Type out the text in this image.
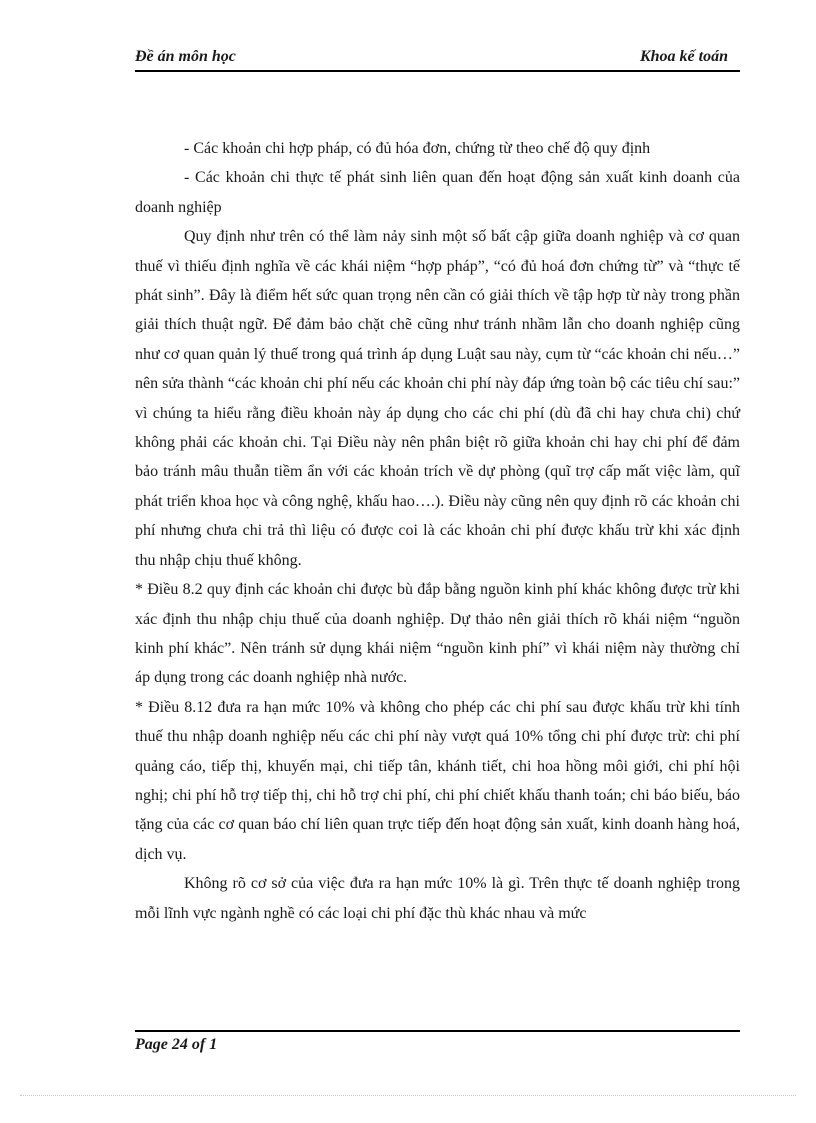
Đề án môn học	Khoa kế toán

- Các khoản chi hợp pháp, có đủ hóa đơn, chứng từ theo chế độ quy định

- Các khoản chi thực tế phát sinh liên quan đến hoạt động sản xuất kinh doanh của doanh nghiệp

Quy định như trên có thể làm nảy sinh một số bất cập giữa doanh nghiệp và cơ quan thuế vì thiếu định nghĩa về các khái niệm “hợp pháp”, “có đủ hoá đơn chứng từ” và “thực tế phát sinh”. Đây là điểm hết sức quan trọng nên cần có giải thích về tập hợp từ này trong phần giải thích thuật ngữ. Để đảm bảo chặt chẽ cũng như tránh nhầm lẫn cho doanh nghiệp cũng như cơ quan quản lý thuế trong quá trình áp dụng Luật sau này, cụm từ “các khoản chi nếu…” nên sửa thành “các khoản chi phí nếu các khoản chi phí này đáp ứng toàn bộ các tiêu chí sau:” vì chúng ta hiểu rằng điều khoản này áp dụng cho các chi phí (dù đã chi hay chưa chi) chứ không phải các khoản chi. Tại Điều này nên phân biệt rõ giữa khoản chi hay chi phí để đảm bảo tránh mâu thuẫn tiềm ẩn với các khoản trích về dự phòng (quĩ trợ cấp mất việc làm, quĩ phát triển khoa học và công nghệ, khấu hao….). Điều này cũng nên quy định rõ các khoản chi phí nhưng chưa chi trả thì liệu có được coi là các khoản chi phí được khấu trừ khi xác định thu nhập chịu thuế không.

* Điều 8.2 quy định các khoản chi được bù đắp bằng nguồn kinh phí khác không được trừ khi xác định thu nhập chịu thuế của doanh nghiệp. Dự thảo nên giải thích rõ khái niệm “nguồn kinh phí khác”. Nên tránh sử dụng khái niệm “nguồn kinh phí” vì khái niệm này thường chỉ áp dụng trong các doanh nghiệp nhà nước.

* Điều 8.12 đưa ra hạn mức 10% và không cho phép các chi phí sau được khấu trừ khi tính thuế thu nhập doanh nghiệp nếu các chi phí này vượt quá 10% tổng chi phí được trừ: chi phí quảng cáo, tiếp thị, khuyến mại, chi tiếp tân, khánh tiết, chi hoa hồng môi giới, chi phí hội nghị; chi phí hỗ trợ tiếp thị, chi hỗ trợ chi phí, chi phí chiết khấu thanh toán; chi báo biếu, báo tặng của các cơ quan báo chí liên quan trực tiếp đến hoạt động sản xuất, kinh doanh hàng hoá, dịch vụ.

Không rõ cơ sở của việc đưa ra hạn mức 10% là gì. Trên thực tế doanh nghiệp trong mỗi lĩnh vực ngành nghề có các loại chi phí đặc thù khác nhau và mức

Page 24 of 1
